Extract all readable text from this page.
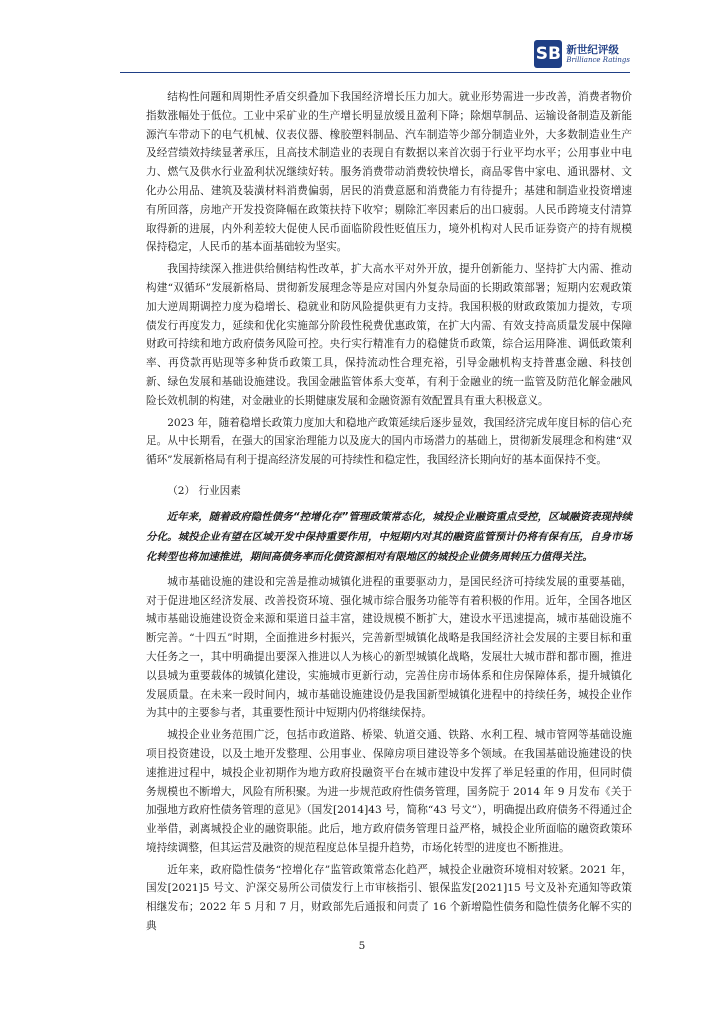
SB 新世纪评级
Brilliance Ratings

结构性问题和周期性矛盾交织叠加下我国经济增长压力加大。就业形势需进一步改善，消费者物价指数涨幅处于低位。工业中采矿业的生产增长明显放缓且盈利下降；除烟草制品、运输设备制造及新能源汽车带动下的电气机械、仪表仪器、橡胶塑料制品、汽车制造等少部分制造业外，大多数制造业生产及经营绩效持续显著承压，且高技术制造业的表现自有数据以来首次弱于行业平均水平；公用事业中电力、燃气及供水行业盈利状况继续好转。服务消费带动消费较快增长，商品零售中家电、通讯器材、文化办公用品、建筑及装潢材料消费偏弱，居民的消费意愿和消费能力有待提升；基建和制造业投资增速有所回落，房地产开发投资降幅在政策扶持下收窄；剔除汇率因素后的出口疲弱。人民币跨境支付清算取得新的进展，内外利差较大促使人民币面临阶段性贬值压力，境外机构对人民币证券资产的持有规模保持稳定，人民币的基本面基础较为坚实。

我国持续深入推进供给侧结构性改革，扩大高水平对外开放，提升创新能力、坚持扩大内需、推动构建“双循环”发展新格局、贯彻新发展理念等是应对国内外复杂局面的长期政策部署；短期内宏观政策加大逆周期调控力度为稳增长、稳就业和防风险提供更有力支持。我国积极的财政政策加力提效，专项债发行再度发力，延续和优化实施部分阶段性税费优惠政策，在扩大内需、有效支持高质量发展中保障财政可持续和地方政府债务风险可控。央行实行精准有力的稳健货币政策，综合运用降准、调低政策利率、再贷款再贴现等多种货币政策工具，保持流动性合理充裕，引导金融机构支持普惠金融、科技创新、绿色发展和基础设施建设。我国金融监管体系大变革，有利于金融业的统一监管及防范化解金融风险长效机制的构建，对金融业的长期健康发展和金融资源有效配置具有重大积极意义。

2023 年，随着稳增长政策力度加大和稳地产政策延续后逐步显效，我国经济完成年度目标的信心充足。从中长期看，在强大的国家治理能力以及庞大的国内市场潜力的基础上，贯彻新发展理念和构建“双循环”发展新格局有利于提高经济发展的可持续性和稳定性，我国经济长期向好的基本面保持不变。

（2） 行业因素

近年来，随着政府隐性债务“控增化存”管理政策常态化，城投企业融资重点受控，区域融资表现持续分化。城投企业有望在区域开发中保持重要作用，中短期内对其的融资监管预计仍将有保有压，自身市场化转型也将加速推进，期间高债务率而化债资源相对有限地区的城投企业债务周转压力值得关注。

城市基础设施的建设和完善是推动城镇化进程的重要驱动力，是国民经济可持续发展的重要基础，对于促进地区经济发展、改善投资环境、强化城市综合服务功能等有着积极的作用。近年，全国各地区城市基础设施建设资金来源和渠道日益丰富，建设规模不断扩大，建设水平迅速提高，城市基础设施不断完善。“十四五”时期，全面推进乡村振兴，完善新型城镇化战略是我国经济社会发展的主要目标和重大任务之一，其中明确提出要深入推进以人为核心的新型城镇化战略，发展壮大城市群和都市圈，推进以县城为重要载体的城镇化建设，实施城市更新行动，完善住房市场体系和住房保障体系，提升城镇化发展质量。在未来一段时间内，城市基础设施建设仍是我国新型城镇化进程中的持续任务，城投企业作为其中的主要参与者，其重要性预计中短期内仍将继续保持。

城投企业业务范围广泛，包括市政道路、桥梁、轨道交通、铁路、水利工程、城市管网等基础设施项目投资建设，以及土地开发整理、公用事业、保障房项目建设等多个领域。在我国基础设施建设的快速推进过程中，城投企业初期作为地方政府投融资平台在城市建设中发挥了举足轻重的作用，但同时债务规模也不断增大，风险有所积聚。为进一步规范政府性债务管理，国务院于 2014 年 9 月发布《关于加强地方政府性债务管理的意见》（国发[2014]43 号，简称“43 号文”），明确提出政府债务不得通过企业举借，剥离城投企业的融资职能。此后，地方政府债务管理日益严格，城投企业所面临的融资政策环境持续调整，但其运营及融资的规范程度总体呈提升趋势，市场化转型的进度也不断推进。

近年来，政府隐性债务“控增化存”监管政策常态化趋严，城投企业融资环境相对较紧。2021 年，国发[2021]5 号文、沪深交易所公司债发行上市审核指引、银保监发[2021]15 号文及补充通知等政策相继发布；2022 年 5 月和 7 月，财政部先后通报和问责了 16 个新增隐性债务和隐性债务化解不实的典

5
